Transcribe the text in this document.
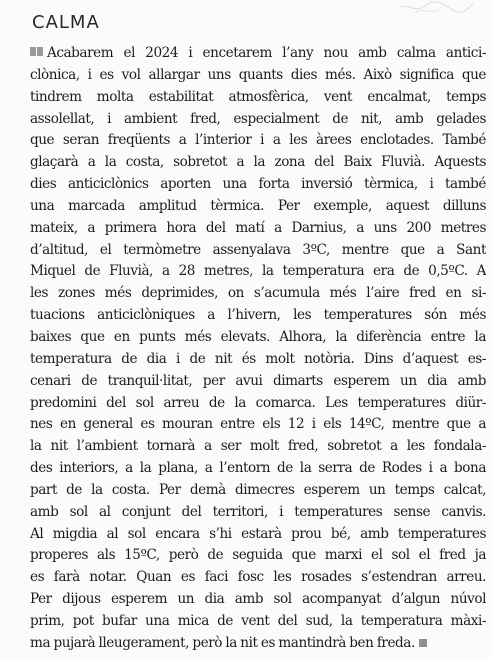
CALMA
Acabarem el 2024 i encetarem l’any nou amb calma antici-
clònica, i es vol allargar uns quants dies més. Això significa que
tindrem molta estabilitat atmosfèrica, vent encalmat, temps
assolellat, i ambient fred, especialment de nit, amb gelades
que seran freqüents a l’interior i a les àrees enclotades. També
glaçarà a la costa, sobretot a la zona del Baix Fluvià. Aquests
dies anticiclònics aporten una forta inversió tèrmica, i també
una marcada amplitud tèrmica. Per exemple, aquest dilluns
mateix, a primera hora del matí a Darnius, a uns 200 metres
d’altitud, el termòmetre assenyalava 3ºC, mentre que a Sant
Miquel de Fluvià, a 28 metres, la temperatura era de 0,5ºC. A
les zones més deprimides, on s’acumula més l’aire fred en si-
tuacions anticiclòniques a l’hivern, les temperatures són més
baixes que en punts més elevats. Alhora, la diferència entre la
temperatura de dia i de nit és molt notòria. Dins d’aquest es-
cenari de tranquil·litat, per avui dimarts esperem un dia amb
predomini del sol arreu de la comarca. Les temperatures diür-
nes en general es mouran entre els 12 i els 14ºC, mentre que a
la nit l’ambient tornarà a ser molt fred, sobretot a les fondala-
des interiors, a la plana, a l’entorn de la serra de Rodes i a bona
part de la costa. Per demà dimecres esperem un temps calcat,
amb sol al conjunt del territori, i temperatures sense canvis.
Al migdia al sol encara s’hi estarà prou bé, amb temperatures
properes als 15ºC, però de seguida que marxi el sol el fred ja
es farà notar. Quan es faci fosc les rosades s’estendran arreu.
Per dijous esperem un dia amb sol acompanyat d’algun núvol
prim, pot bufar una mica de vent del sud, la temperatura màxi-
ma pujarà lleugerament, però la nit es mantindrà ben freda.
